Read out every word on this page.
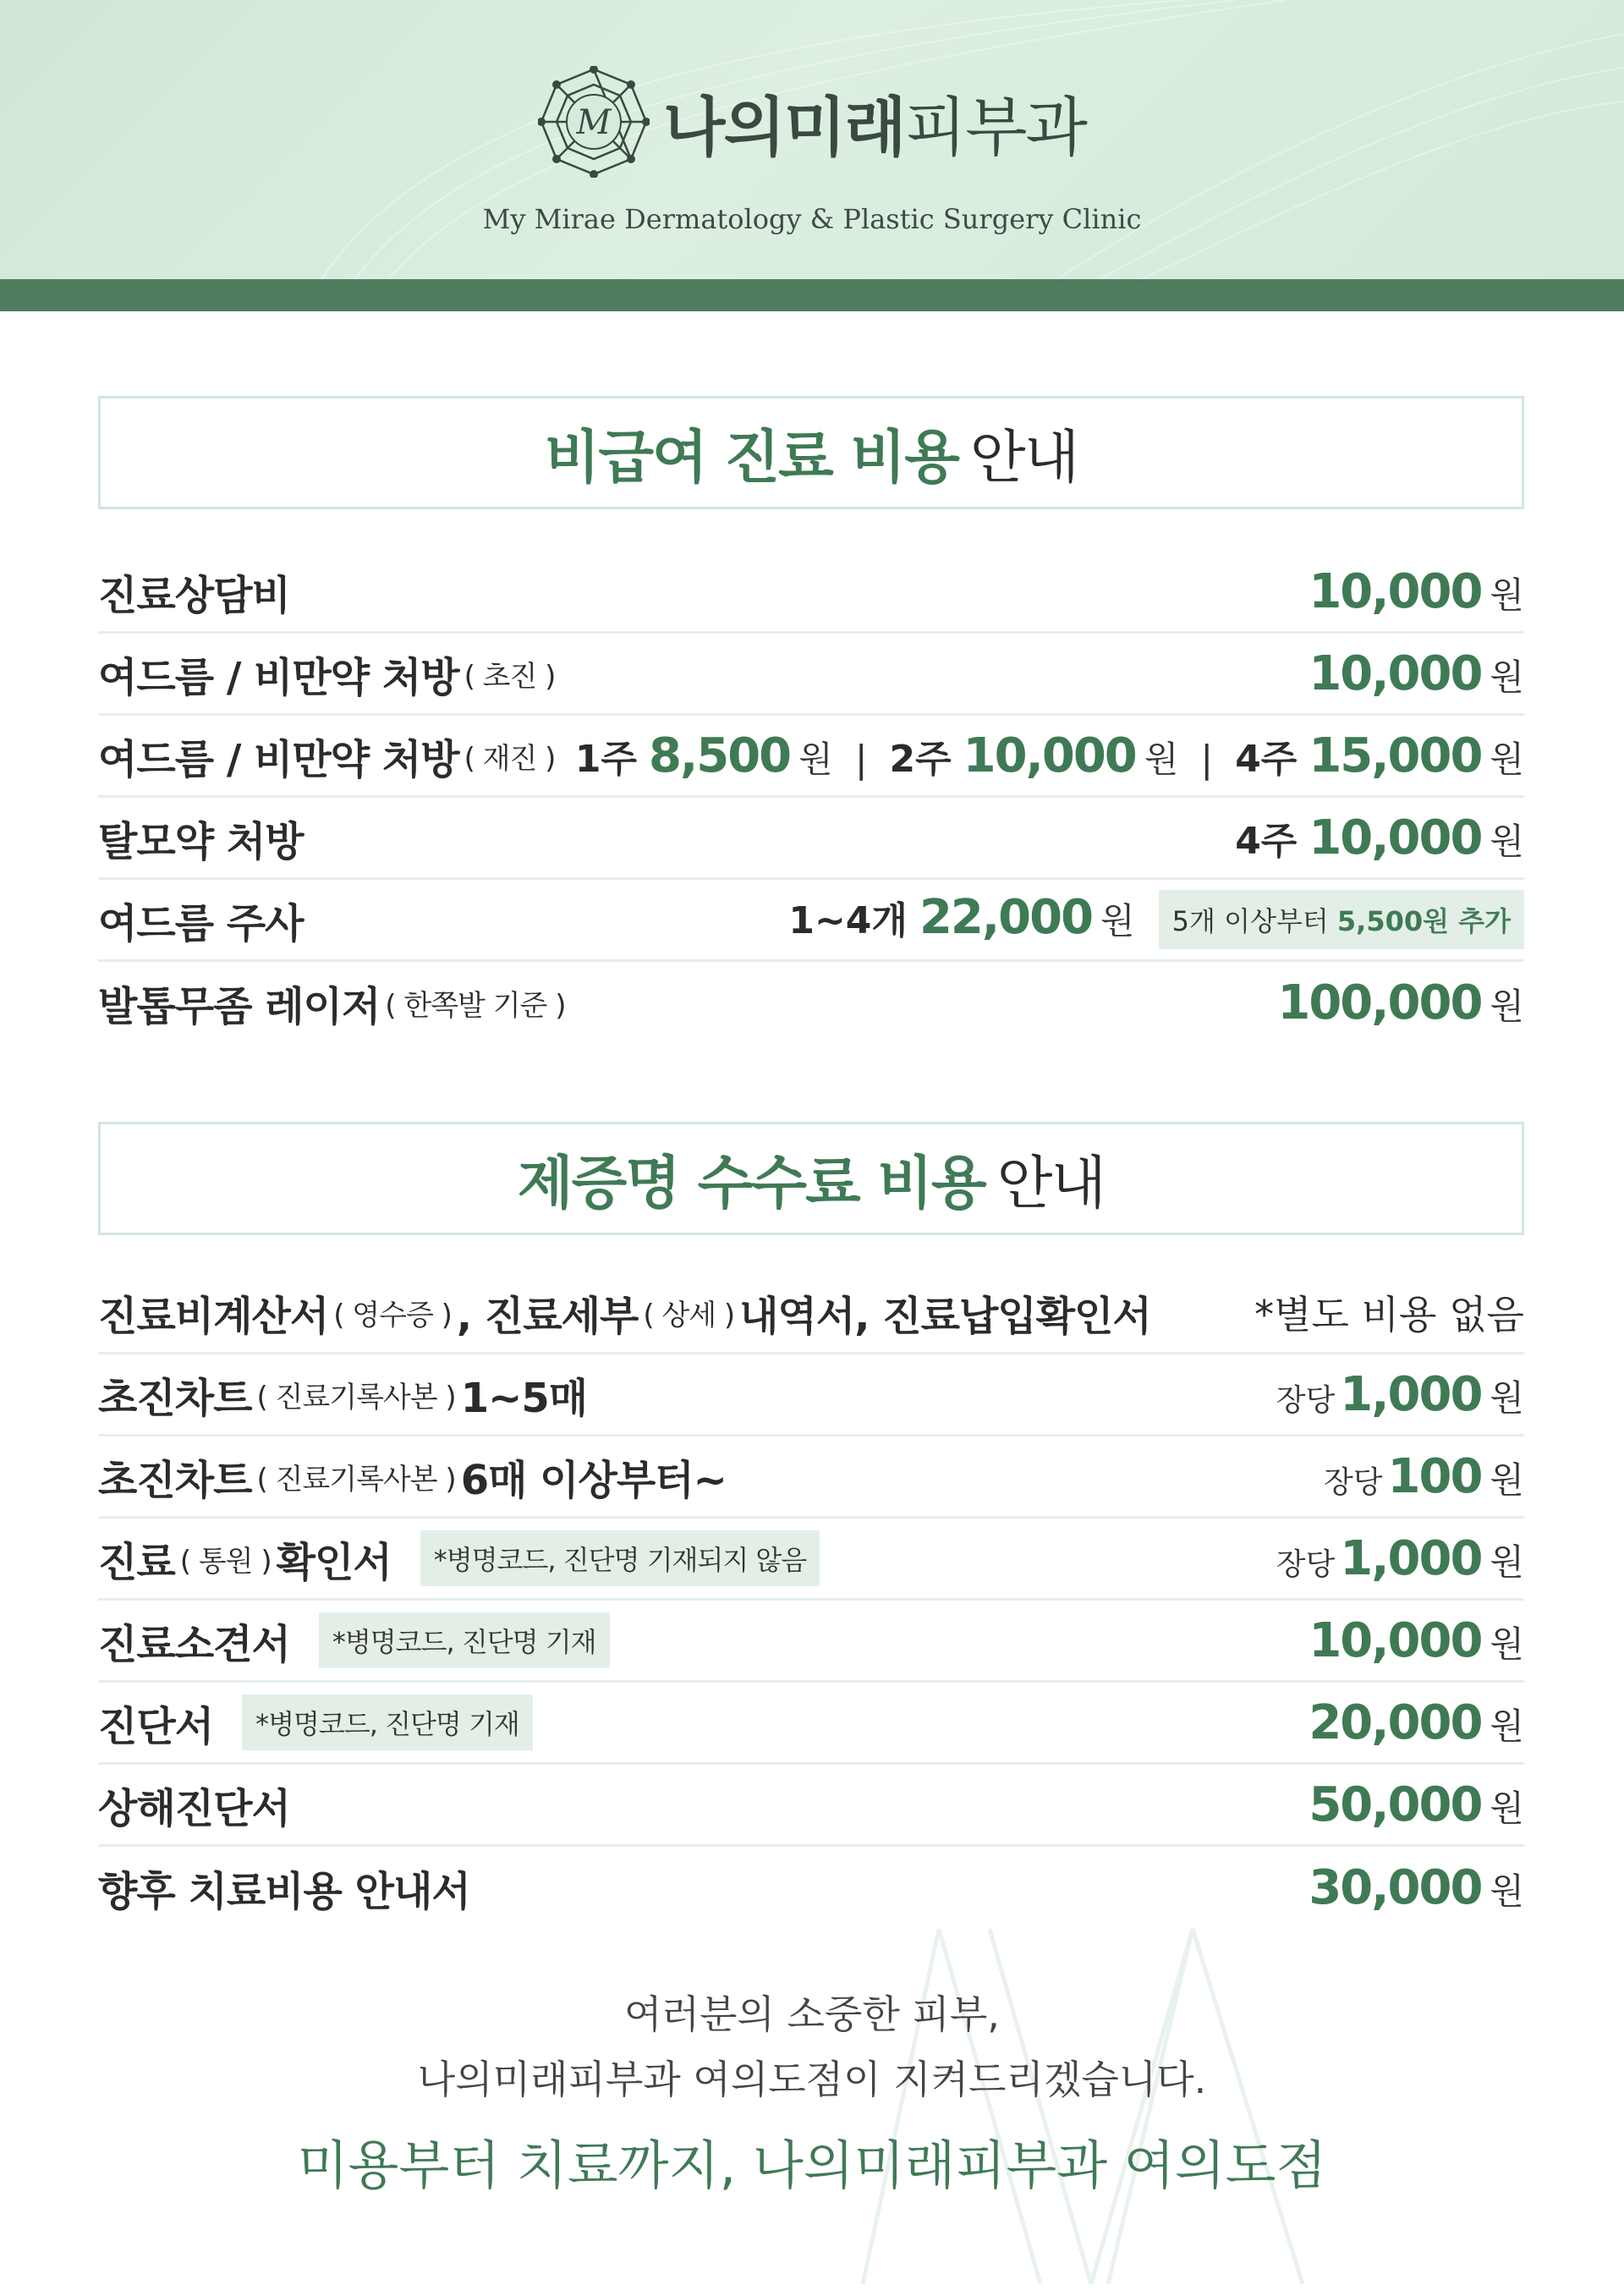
M 나의미래피부과
My Mirae Dermatology & Plastic Surgery Clinic
비급여 진료 비용 안내
진료상담비	10,000 원
여드름 / 비만약 처방 ( 초진 )	10,000 원
여드름 / 비만약 처방 ( 재진 ) 1주 8,500 원 | 2주 10,000 원 | 4주 15,000 원
탈모약 처방	4주 10,000 원
여드름 주사	1~4개 22,000 원	5개 이상부터 5,500원 추가
발톱무좀 레이저 ( 한쪽발 기준 )	100,000 원
제증명 수수료 비용 안내
진료비계산서 ( 영수증 ) , 진료세부 ( 상세 ) 내역서, 진료납입확인서	*별도 비용 없음
초진차트 ( 진료기록사본 ) 1~5매	장당 1,000 원
초진차트 ( 진료기록사본 ) 6매 이상부터~	장당 100 원
진료 ( 통원 ) 확인서	*병명코드, 진단명 기재되지 않음	장당 1,000 원
진료소견서	*병명코드, 진단명 기재	10,000 원
진단서	*병명코드, 진단명 기재	20,000 원
상해진단서	50,000 원
향후 치료비용 안내서	30,000 원
여러분의 소중한 피부,
나의미래피부과 여의도점이 지켜드리겠습니다.
미용부터 치료까지, 나의미래피부과 여의도점
